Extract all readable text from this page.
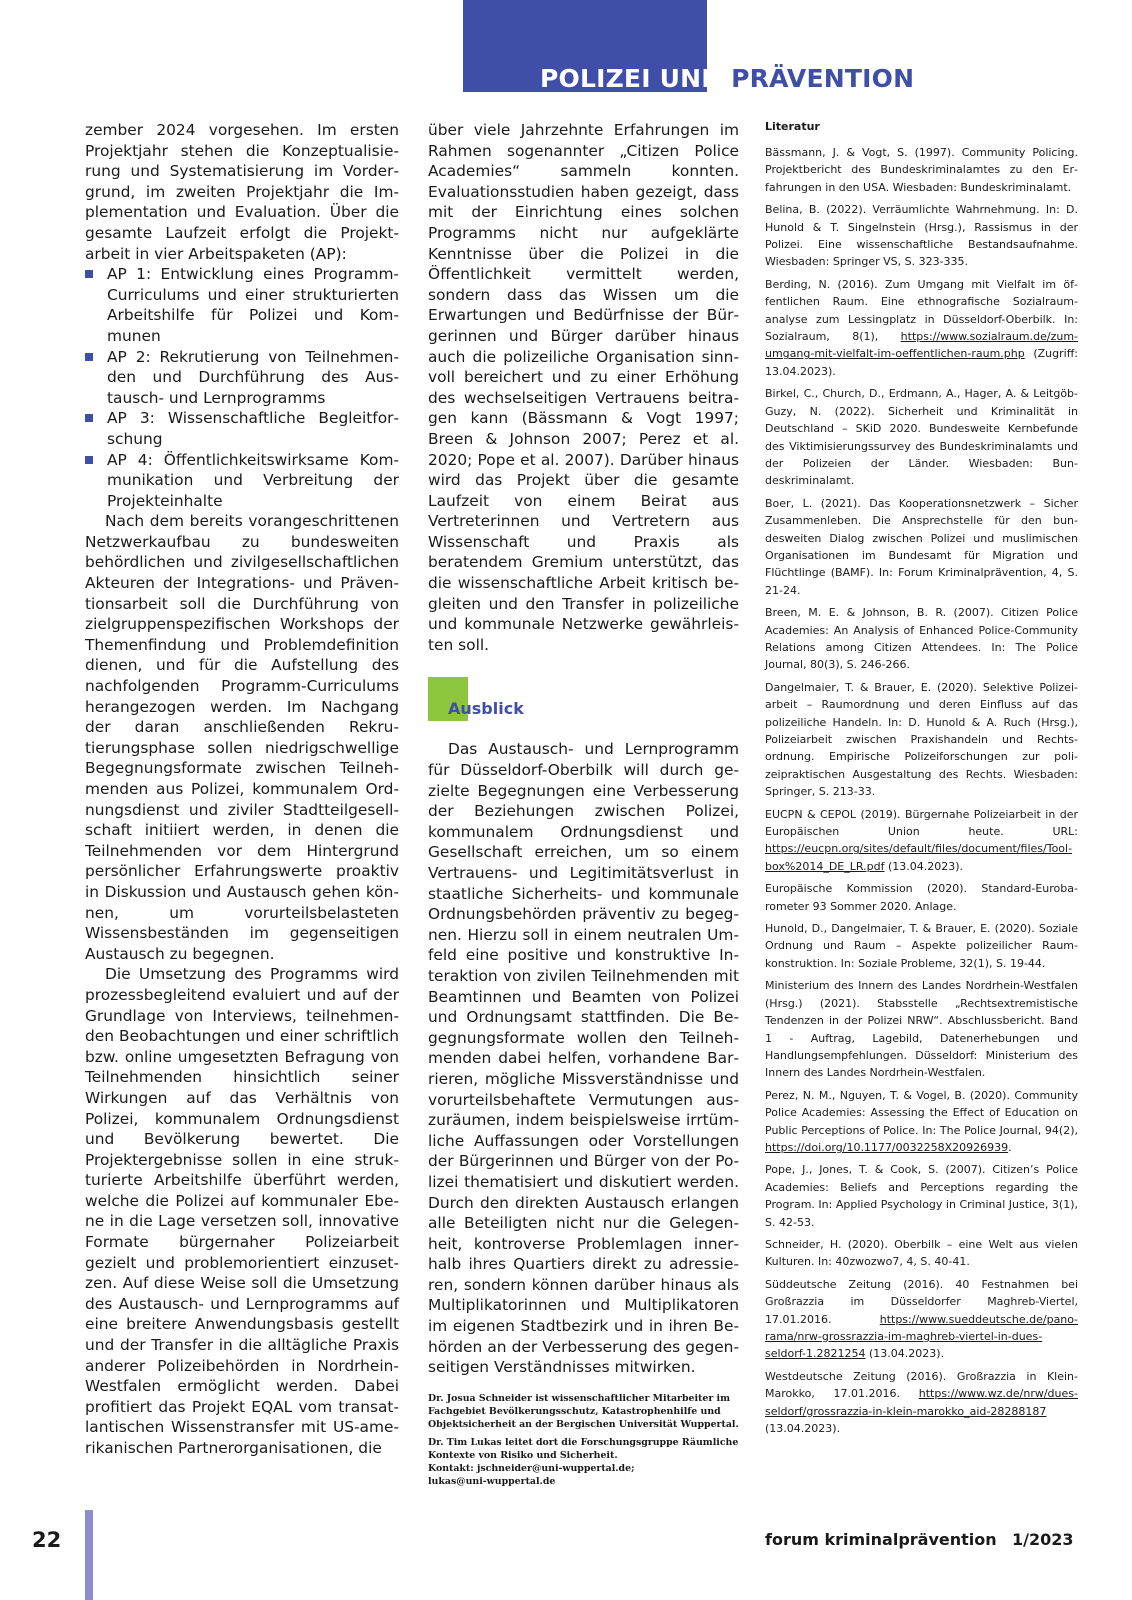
POLIZEI UND PRÄVENTION

zember 2024 vorgesehen. Im ersten Projektjahr stehen die Konzeptualisierung und Systematisierung im Vordergrund, im zweiten Projektjahr die Implementation und Evaluation. Über die gesamte Laufzeit erfolgt die Projektarbeit in vier Arbeitspaketen (AP):

AP 1: Entwicklung eines Programm-Curriculums und einer strukturierten Arbeitshilfe für Polizei und Kommunen
AP 2: Rekrutierung von Teilnehmenden und Durchführung des Austausch- und Lernprogramms
AP 3: Wissenschaftliche Begleitforschung
AP 4: Öffentlichkeitswirksame Kommunikation und Verbreitung der Projekteinhalte

Nach dem bereits vorangeschrittenen Netzwerkaufbau zu bundesweiten behördlichen und zivilgesellschaftlichen Akteuren der Integrations- und Präventionsarbeit soll die Durchführung von zielgruppenspezifischen Workshops der Themenfindung und Problemdefinition dienen, und für die Aufstellung des nachfolgenden Programm-Curriculums herangezogen werden. Im Nachgang der daran anschließenden Rekrutierungsphase sollen niedrigschwellige Begegnungsformate zwischen Teilnehmenden aus Polizei, kommunalem Ordnungsdienst und ziviler Stadtteilgesellschaft initiiert werden, in denen die Teilnehmenden vor dem Hintergrund persönlicher Erfahrungswerte proaktiv in Diskussion und Austausch gehen können, um vorurteilsbelasteten Wissensbeständen im gegenseitigen Austausch zu begegnen.

Die Umsetzung des Programms wird prozessbegleitend evaluiert und auf der Grundlage von Interviews, teilnehmenden Beobachtungen und einer schriftlich bzw. online umgesetzten Befragung von Teilnehmenden hinsichtlich seiner Wirkungen auf das Verhältnis von Polizei, kommunalem Ordnungsdienst und Bevölkerung bewertet. Die Projektergebnisse sollen in eine strukturierte Arbeitshilfe überführt werden, welche die Polizei auf kommunaler Ebene in die Lage versetzen soll, innovative Formate bürgernaher Polizeiarbeit gezielt und problemorientiert einzusetzen. Auf diese Weise soll die Umsetzung des Austausch- und Lernprogramms auf eine breitere Anwendungsbasis gestellt und der Transfer in die alltägliche Praxis anderer Polizeibehörden in Nordrhein-Westfalen ermöglicht werden. Dabei profitiert das Projekt EQAL vom transatlantischen Wissenstransfer mit US-amerikanischen Partnerorganisationen, die

über viele Jahrzehnte Erfahrungen im Rahmen sogenannter „Citizen Police Academies“ sammeln konnten. Evaluationsstudien haben gezeigt, dass mit der Einrichtung eines solchen Programms nicht nur aufgeklärte Kenntnisse über die Polizei in die Öffentlichkeit vermittelt werden, sondern dass das Wissen um die Erwartungen und Bedürfnisse der Bürgerinnen und Bürger darüber hinaus auch die polizeiliche Organisation sinnvoll bereichert und zu einer Erhöhung des wechselseitigen Vertrauens beitragen kann (Bässmann & Vogt 1997; Breen & Johnson 2007; Perez et al. 2020; Pope et al. 2007). Darüber hinaus wird das Projekt über die gesamte Laufzeit von einem Beirat aus Vertreterinnen und Vertretern aus Wissenschaft und Praxis als beratendem Gremium unterstützt, das die wissenschaftliche Arbeit kritisch begleiten und den Transfer in polizeiliche und kommunale Netzwerke gewährleisten soll.

Ausblick

Das Austausch- und Lernprogramm für Düsseldorf-Oberbilk will durch gezielte Begegnungen eine Verbesserung der Beziehungen zwischen Polizei, kommunalem Ordnungsdienst und Gesellschaft erreichen, um so einem Vertrauens- und Legitimitätsverlust in staatliche Sicherheits- und kommunale Ordnungsbehörden präventiv zu begegnen. Hierzu soll in einem neutralen Umfeld eine positive und konstruktive Interaktion von zivilen Teilnehmenden mit Beamtinnen und Beamten von Polizei und Ordnungsamt stattfinden. Die Begegnungsformate wollen den Teilnehmenden dabei helfen, vorhandene Barrieren, mögliche Missverständnisse und vorurteilsbehaftete Vermutungen auszuräumen, indem beispielsweise irrtümliche Auffassungen oder Vorstellungen der Bürgerinnen und Bürger von der Polizei thematisiert und diskutiert werden. Durch den direkten Austausch erlangen alle Beteiligten nicht nur die Gelegenheit, kontroverse Problemlagen innerhalb ihres Quartiers direkt zu adressieren, sondern können darüber hinaus als Multiplikatorinnen und Multiplikatoren im eigenen Stadtbezirk und in ihren Behörden an der Verbesserung des gegenseitigen Verständnisses mitwirken.

Dr. Josua Schneider ist wissenschaftlicher Mitarbeiter im Fachgebiet Bevölkerungsschutz, Katastrophenhilfe und Objektsicherheit an der Bergischen Universität Wuppertal.

Dr. Tim Lukas leitet dort die Forschungsgruppe Räumliche Kontexte von Risiko und Sicherheit.

Kontakt: jschneider@uni-wuppertal.de;

lukas@uni-wuppertal.de

Literatur

Bässmann, J. & Vogt, S. (1997). Community Policing. Projektbericht des Bundeskriminalamtes zu den Erfahrungen in den USA. Wiesbaden: Bundeskriminalamt.

Belina, B. (2022). Verräumlichte Wahrnehmung. In: D. Hunold & T. Singelnstein (Hrsg.), Rassismus in der Polizei. Eine wissenschaftliche Bestandsaufnahme. Wiesbaden: Springer VS, S. 323-335.

Berding, N. (2016). Zum Umgang mit Vielfalt im öffentlichen Raum. Eine ethnografische Sozialraumanalyse zum Lessingplatz in Düsseldorf-Oberbilk. In: Sozialraum, 8(1), https://www.sozialraum.de/zum-umgang-mit-vielfalt-im-oeffentlichen-raum.php (Zugriff: 13.04.2023).

Birkel, C., Church, D., Erdmann, A., Hager, A. & Leitgöb-Guzy, N. (2022). Sicherheit und Kriminalität in Deutschland – SKiD 2020. Bundesweite Kernbefunde des Viktimisierungssurvey des Bundeskriminalamts und der Polizeien der Länder. Wiesbaden: Bundeskriminalamt.

Boer, L. (2021). Das Kooperationsnetzwerk – Sicher Zusammenleben. Die Ansprechstelle für den bundesweiten Dialog zwischen Polizei und muslimischen Organisationen im Bundesamt für Migration und Flüchtlinge (BAMF). In: Forum Kriminalprävention, 4, S. 21-24.

Breen, M. E. & Johnson, B. R. (2007). Citizen Police Academies: An Analysis of Enhanced Police-Community Relations among Citizen Attendees. In: The Police Journal, 80(3), S. 246-266.

Dangelmaier, T. & Brauer, E. (2020). Selektive Polizeiarbeit – Raumordnung und deren Einfluss auf das polizeiliche Handeln. In: D. Hunold & A. Ruch (Hrsg.), Polizeiarbeit zwischen Praxishandeln und Rechtsordnung. Empirische Polizeiforschungen zur polizeipraktischen Ausgestaltung des Rechts. Wiesbaden: Springer, S. 213-33.

EUCPN & CEPOL (2019). Bürgernahe Polizeiarbeit in der Europäischen Union heute. URL: https://eucpn.org/sites/default/files/document/files/Toolbox%2014_DE_LR.pdf (13.04.2023).

Europäische Kommission (2020). Standard-Eurobarometer 93 Sommer 2020. Anlage.

Hunold, D., Dangelmaier, T. & Brauer, E. (2020). Soziale Ordnung und Raum – Aspekte polizeilicher Raumkonstruktion. In: Soziale Probleme, 32(1), S. 19-44.

Ministerium des Innern des Landes Nordrhein-Westfalen (Hrsg.) (2021). Stabsstelle „Rechtsextremistische Tendenzen in der Polizei NRW“. Abschlussbericht. Band 1 - Auftrag, Lagebild, Datenerhebungen und Handlungsempfehlungen. Düsseldorf: Ministerium des Innern des Landes Nordrhein-Westfalen.

Perez, N. M., Nguyen, T. & Vogel, B. (2020). Community Police Academies: Assessing the Effect of Education on Public Perceptions of Police. In: The Police Journal, 94(2), https://doi.org/10.1177/0032258X20926939.

Pope, J., Jones, T. & Cook, S. (2007). Citizen’s Police Academies: Beliefs and Perceptions regarding the Program. In: Applied Psychology in Criminal Justice, 3(1), S. 42-53.

Schneider, H. (2020). Oberbilk – eine Welt aus vielen Kulturen. In: 40zwozwo7, 4, S. 40-41.

Süddeutsche Zeitung (2016). 40 Festnahmen bei Großrazzia im Düsseldorfer Maghreb-Viertel, 17.01.2016. https://www.sueddeutsche.de/panorama/nrw-grossrazzia-im-maghreb-viertel-in-duesseldorf-1.2821254 (13.04.2023).

Westdeutsche Zeitung (2016). Großrazzia in Klein-Marokko, 17.01.2016. https://www.wz.de/nrw/duesseldorf/grossrazzia-in-klein-marokko_aid-28288187 (13.04.2023).

22	forum kriminalprävention 1/2023
